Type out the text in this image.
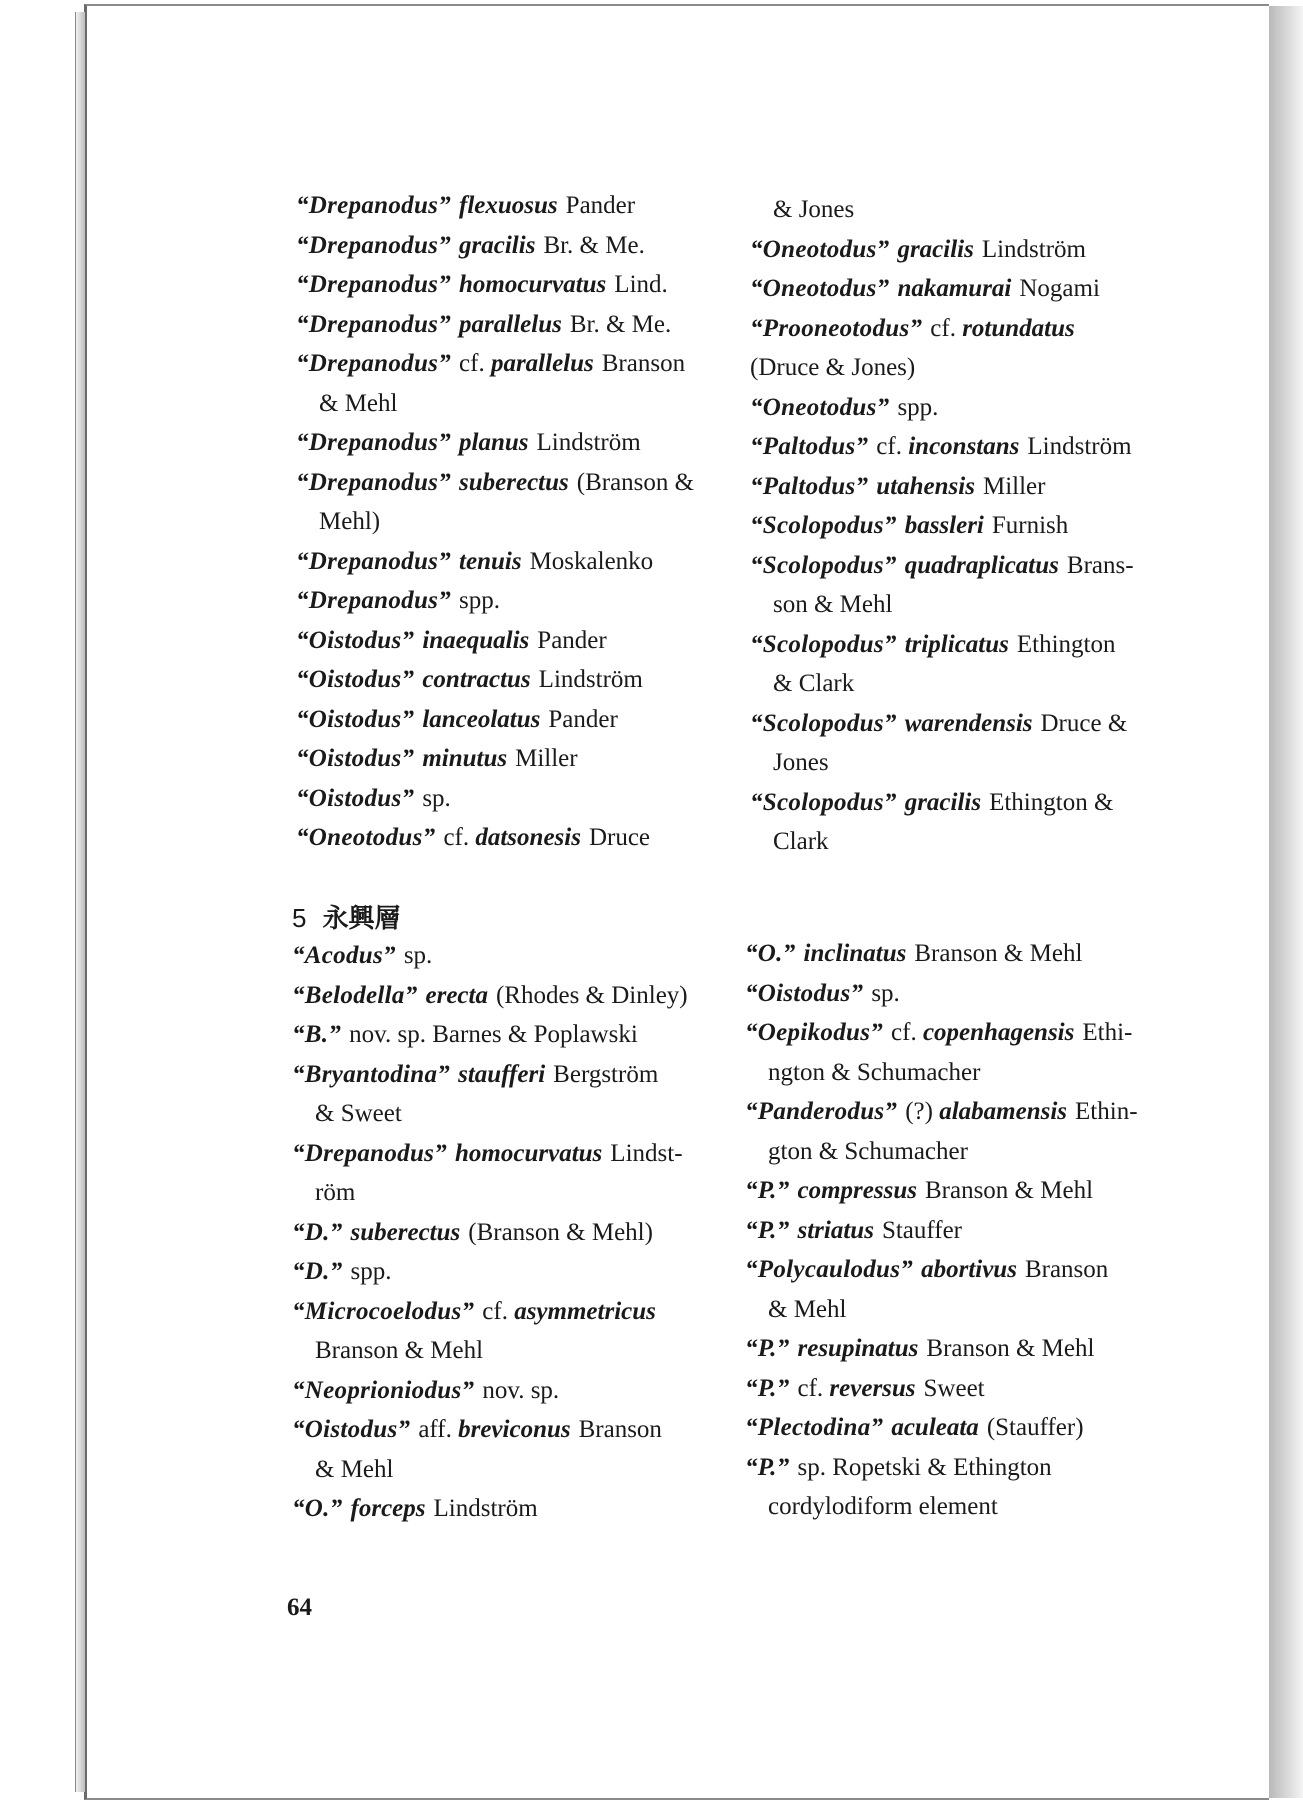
“Drepanodus” flexuosus Pander
“Drepanodus” gracilis Br. & Me.
“Drepanodus” homocurvatus Lind.
“Drepanodus” parallelus Br. & Me.
“Drepanodus” cf. parallelus Branson
& Mehl
“Drepanodus” planus Lindström
“Drepanodus” suberectus (Branson &
Mehl)
“Drepanodus” tenuis Moskalenko
“Drepanodus” spp.
“Oistodus” inaequalis Pander
“Oistodus” contractus Lindström
“Oistodus” lanceolatus Pander
“Oistodus” minutus Miller
“Oistodus” sp.
“Oneotodus” cf. datsonesis Druce
& Jones
“Oneotodus” gracilis Lindström
“Oneotodus” nakamurai Nogami
“Prooneotodus” cf. rotundatus
(Druce & Jones)
“Oneotodus” spp.
“Paltodus” cf. inconstans Lindström
“Paltodus” utahensis Miller
“Scolopodus” bassleri Furnish
“Scolopodus” quadraplicatus Brans-
son & Mehl
“Scolopodus” triplicatus Ethington
& Clark
“Scolopodus” warendensis Druce &
Jones
“Scolopodus” gracilis Ethington &
Clark
5 永興層
“Acodus” sp.
“Belodella” erecta (Rhodes & Dinley)
“B.” nov. sp. Barnes & Poplawski
“Bryantodina” staufferi Bergström
& Sweet
“Drepanodus” homocurvatus Lindst-
röm
“D.” suberectus (Branson & Mehl)
“D.” spp.
“Microcoelodus” cf. asymmetricus
Branson & Mehl
“Neoprioniodus” nov. sp.
“Oistodus” aff. breviconus Branson
& Mehl
“O.” forceps Lindström
“O.” inclinatus Branson & Mehl
“Oistodus” sp.
“Oepikodus” cf. copenhagensis Ethi-
ngton & Schumacher
“Panderodus” (?) alabamensis Ethin-
gton & Schumacher
“P.” compressus Branson & Mehl
“P.” striatus Stauffer
“Polycaulodus” abortivus Branson
& Mehl
“P.” resupinatus Branson & Mehl
“P.” cf. reversus Sweet
“Plectodina” aculeata (Stauffer)
“P.” sp. Ropetski & Ethington
cordylodiform element
64
